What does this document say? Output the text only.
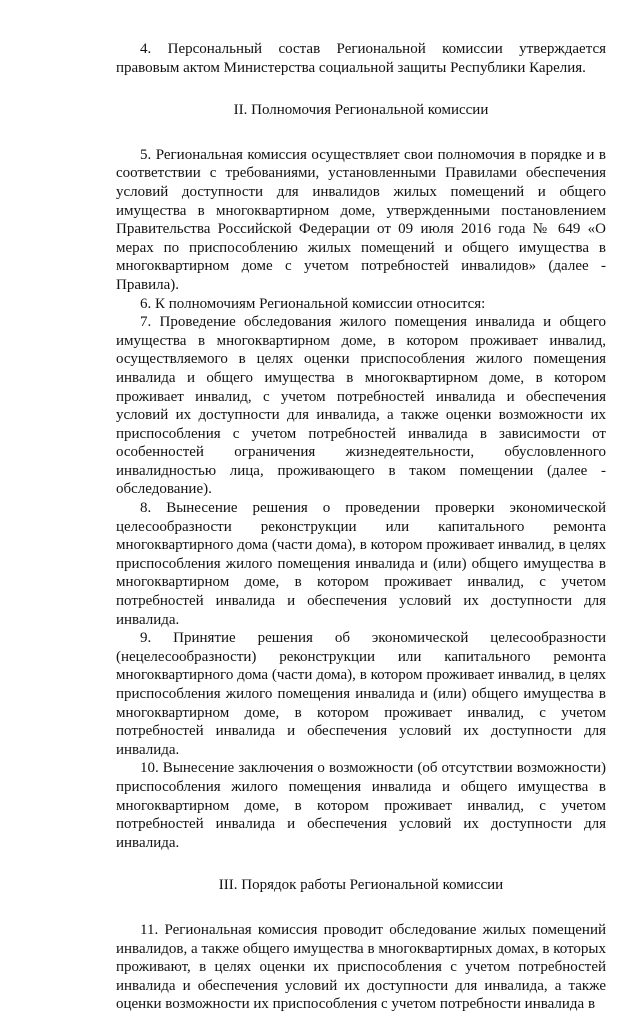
4. Персональный состав Региональной комиссии утверждается правовым актом Министерства социальной защиты Республики Карелия.

II. Полномочия Региональной комиссии

5. Региональная комиссия осуществляет свои полномочия в порядке и в соответствии с требованиями, установленными Правилами обеспечения условий доступности для инвалидов жилых помещений и общего имущества в многоквартирном доме, утвержденными постановлением Правительства Российской Федерации от 09 июля 2016 года № 649 «О мерах по приспособлению жилых помещений и общего имущества в многоквартирном доме с учетом потребностей инвалидов» (далее - Правила).

6. К полномочиям Региональной комиссии относится:

7. Проведение обследования жилого помещения инвалида и общего имущества в многоквартирном доме, в котором проживает инвалид, осуществляемого в целях оценки приспособления жилого помещения инвалида и общего имущества в многоквартирном доме, в котором проживает инвалид, с учетом потребностей инвалида и обеспечения условий их доступности для инвалида, а также оценки возможности их приспособления с учетом потребностей инвалида в зависимости от особенностей ограничения жизнедеятельности, обусловленного инвалидностью лица, проживающего в таком помещении (далее - обследование).

8. Вынесение решения о проведении проверки экономической целесообразности реконструкции или капитального ремонта многоквартирного дома (части дома), в котором проживает инвалид, в целях приспособления жилого помещения инвалида и (или) общего имущества в многоквартирном доме, в котором проживает инвалид, с учетом потребностей инвалида и обеспечения условий их доступности для инвалида.

9. Принятие решения об экономической целесообразности (нецелесообразности) реконструкции или капитального ремонта многоквартирного дома (части дома), в котором проживает инвалид, в целях приспособления жилого помещения инвалида и (или) общего имущества в многоквартирном доме, в котором проживает инвалид, с учетом потребностей инвалида и обеспечения условий их доступности для инвалида.

10. Вынесение заключения о возможности (об отсутствии возможности) приспособления жилого помещения инвалида и общего имущества в многоквартирном доме, в котором проживает инвалид, с учетом потребностей инвалида и обеспечения условий их доступности для инвалида.

III. Порядок работы Региональной комиссии

11. Региональная комиссия проводит обследование жилых помещений инвалидов, а также общего имущества в многоквартирных домах, в которых проживают, в целях оценки их приспособления с учетом потребностей инвалида и обеспечения условий их доступности для инвалида, а также оценки возможности их приспособления с учетом потребности инвалида в
